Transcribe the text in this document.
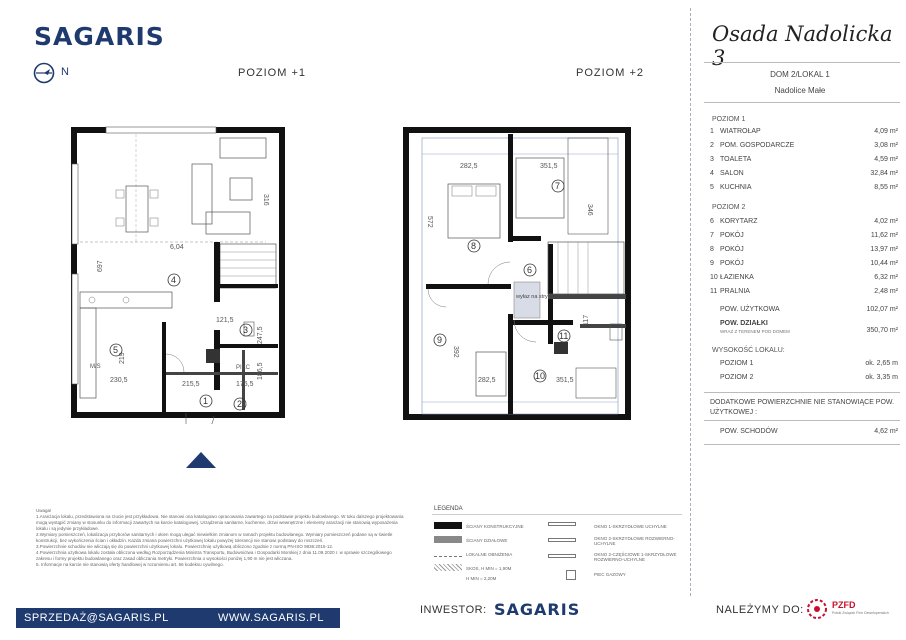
SAGARIS
N	POZIOM +1	POZIOM +2
6,04
697
316
230,5
219
215,5	175,5
186,5
247,5
121,5
M/S	PIEC
4
5
3
1	2
wyłaz na strych
282,5	351,5
572
346
392
282,5	351,5
117
7
8
6
9	11
10
Osada Nadolicka 3
DOM 2/LOKAL 1
Nadolice Małe
POZIOM 1
1 WIATROŁAP	4,09 m²
2 POM. GOSPODARCZE	3,08 m²
3 TOALETA	4,59 m²
4 SALON	32,84 m²
5 KUCHNIA	8,55 m²
POZIOM 2
6 KORYTARZ	4,02 m²
7 POKÓJ	11,62 m²
8 POKÓJ	13,97 m²
9 POKÓJ	10,44 m²
10 ŁAZIENKA	6,32 m²
11 PRALNIA	2,48 m²
POW. UŻYTKOWA	102,07 m²
POW. DZIAŁKI
350,70 m²
WRAZ Z TERENEM POD DOMEM
WYSOKOŚĆ LOKALU:
POZIOM 1	ok. 2,65 m
POZIOM 2	ok. 3,35 m
DODATKOWE POWIERZCHNIE NIE STANOWIĄCE POW. UŻYTKOWEJ :
POW. SCHODÓW	4,62 m²
Uwaga!
1.Aranżacja lokalu, przedstawiona na rzucie jest przykładowa. Nie stanowi ona katalogowo opracowania zawartego na podstawie projektu budowlanego. W toku dalszego projektowania mogą wystąpić zmiany w stosunku do informacji zawartych na karcie katalogowej. Urządzenia sanitarne, kuchenne, drzwi wewnętrzne i elementy aranżacji nie stanowią wyposażenia lokalu i są jedynie przykładowe.
2.Wymiary pomieszczeń, lokalizacja przyborów sanitarnych i okien mogą ulegać niewielkim zmianom w ramach projektu budowlanego. Wymiary pomieszczeń podane są w świetle konstrukcji, bez wykończenia ścian i okładzin. Każda zmiana powierzchni użytkowej lokalu powyżej tolerancji nie stanowi podstawy do roszczeń.
3.Powierzchnie schodów nie wliczają się do powierzchni użytkowej lokalu. Powierzchnię użytkową obliczono zgodnie z normą PN-ISO 9836:2015-12.
4.Powierzchnia użytkowa lokalu została obliczona według Rozporządzenia Ministra Transportu, Budownictwa i Gospodarki Morskiej z dnia 11.09.2020 r. w sprawie szczegółowego zakresu i formy projektu budowlanego oraz zasad obliczania metryki. Powierzchnia o wysokości poniżej 1,90 m nie jest wliczana.
5. Informacje na karcie nie stanowią oferty handlowej w rozumieniu art. 66 kodeksu cywilnego.
LEGENDA
ŚCIANY KONSTRUKCYJNE
ŚCIANY DZIAŁOWE
LOKALNE OBNIŻENIA
SKOS, H MIN = 1,90M
H MIN = 2,20M
OKNO 1-SKRZYDŁOWE UCHYLNE
OKNO 2-SKRZYDŁOWE ROZWIERNO-UCHYLNE
OKNO 2-CZĘŚCIOWE 1-SKRZYDŁOWE ROZWIERNO-UCHYLNE
PIEC GAZOWY
SPRZEDAŻ@SAGARIS.PL	WWW.SAGARIS.PL
INWESTOR: SAGARIS	NALEŻYMY DO:	PZFD
Polski Związek Firm Deweloperskich
